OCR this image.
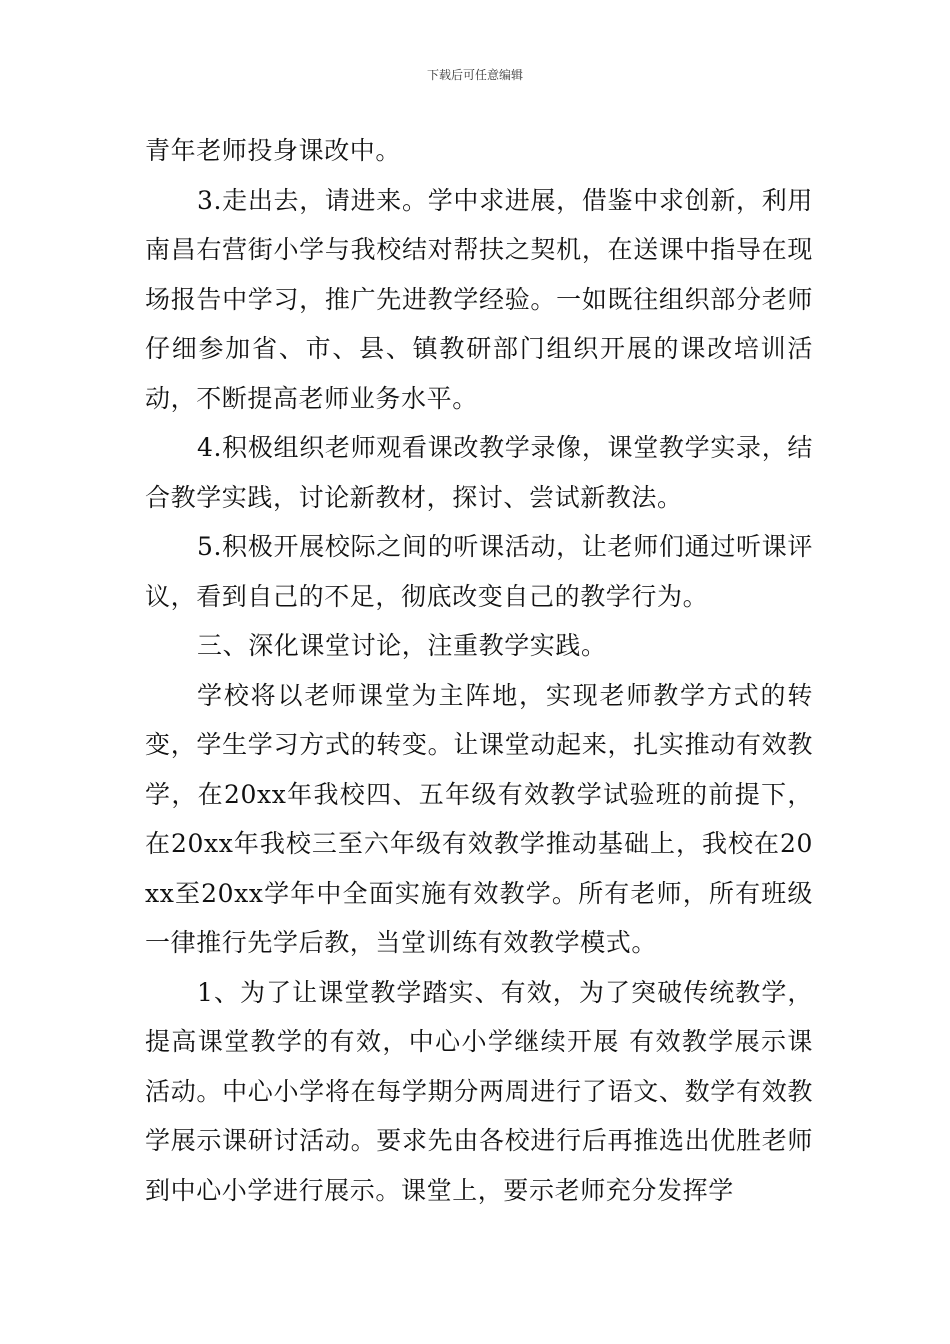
下载后可任意编辑

青年老师投身课改中。

3.走出去，请进来。学中求进展，借鉴中求创新，利用南昌右营街小学与我校结对帮扶之契机，在送课中指导在现场报告中学习，推广先进教学经验。一如既往组织部分老师仔细参加省、市、县、镇教研部门组织开展的课改培训活动，不断提高老师业务水平。

4.积极组织老师观看课改教学录像，课堂教学实录，结合教学实践，讨论新教材，探讨、尝试新教法。

5.积极开展校际之间的听课活动，让老师们通过听课评议，看到自己的不足，彻底改变自己的教学行为。

三、深化课堂讨论，注重教学实践。

学校将以老师课堂为主阵地，实现老师教学方式的转变，学生学习方式的转变。让课堂动起来，扎实推动有效教学，在20xx年我校四、五年级有效教学试验班的前提下，在20xx年我校三至六年级有效教学推动基础上，我校在20xx至20xx学年中全面实施有效教学。所有老师，所有班级一律推行先学后教，当堂训练有效教学模式。

1、为了让课堂教学踏实、有效，为了突破传统教学，提高课堂教学的有效，中心小学继续开展 有效教学展示课活动。中心小学将在每学期分两周进行了语文、数学有效教学展示课研讨活动。要求先由各校进行后再推选出优胜老师到中心小学进行展示。课堂上，要示老师充分发挥学
